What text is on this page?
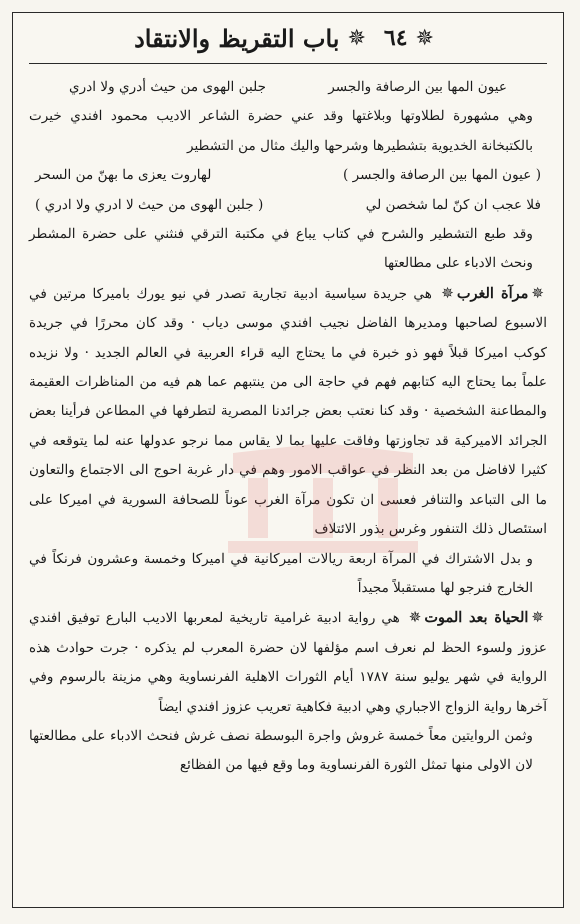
✵
٦٤
✵
باب التقريظ والانتقاد
عيون المها بين الرصافة والجسر
جلبن الهوى من حيث أدري ولا ادري

وهي مشهورة لطلاوتها وبلاغتها وقد عني حضرة الشاعر الاديب محمود افندي خيرت بالكتبخانة الخديوية بتشطيرها وشرحها واليك مثال من التشطير

( عيون المها بين الرصافة والجسر )
لهاروت يعزى ما بهنّ من السحر
فلا عجب ان كنّ لما شخصن لي
( جلبن الهوى من حيث لا ادري ولا ادري )

وقد طبع التشطير والشرح في كتاب يباع في مكتبة الترقي فنثني على حضرة المشطر ونحث الادباء على مطالعتها

✵مرآة الغرب✵ هي جريدة سياسية ادبية تجارية تصدر في نيو يورك باميركا مرتين في الاسبوع لصاحبها ومديرها الفاضل نجيب افندي موسى دياب · وقد كان محررًا في جريدة كوكب اميركا قبلاً فهو ذو خبرة في ما يحتاج اليه قراء العربية في العالم الجديد · ولا نزيده علماً بما يحتاج اليه كتابهم فهم في حاجة الى من ينتبهم عما هم فيه من المناظرات العقيمة والمطاعنة الشخصية · وقد كنا نعتب بعض جرائدنا المصرية لتطرفها في المطاعن فرأينا بعض الجرائد الاميركية قد تجاوزتها وفاقت عليها بما لا يقاس مما نرجو عدولها عنه لما يتوقعه في كثيرا لافاضل من بعد النظر في عواقب الامور وهم في دار غربة احوج الى الاجتماع والتعاون ما الى التباعد والتنافر فعسى ان تكون مرآة الغرب عوناً للصحافة السورية في اميركا على استئصال ذلك التنفور وغرس بذور الائتلاف

و بدل الاشتراك في المرآة اربعة ريالات اميركانية في اميركا وخمسة وعشرون فرنكاً في الخارج فنرجو لها مستقبلاً مجيداً

✵الحياة بعد الموت✵ هي رواية ادبية غرامية تاريخية لمعربها الاديب البارع توفيق افندي عزوز ولسوء الحظ لم نعرف اسم مؤلفها لان حضرة المعرب لم يذكره · جرت حوادث هذه الرواية في شهر يوليو سنة ١٧٨٧ أيام الثورات الاهلية الفرنساوية وهي مزينة بالرسوم وفي آخرها رواية الزواج الاجباري وهي ادبية فكاهية تعريب عزوز افندي ايضاً

وثمن الروايتين معاً خمسة غروش واجرة البوسطة نصف غرش فنحث الادباء على مطالعتها لان الاولى منها تمثل الثورة الفرنساوية وما وقع فيها من الفظائع
